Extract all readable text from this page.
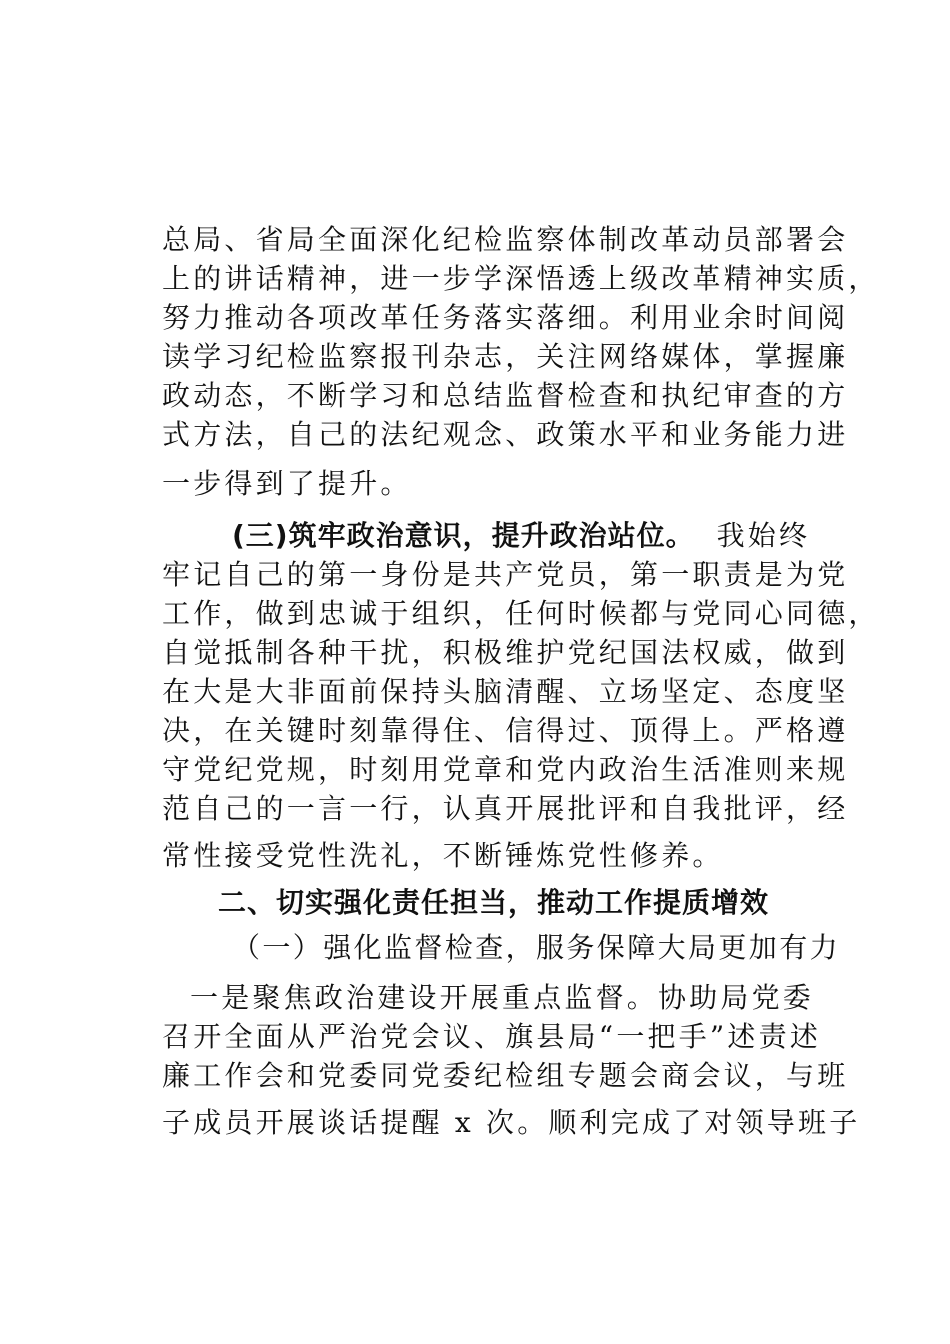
总局、省局全面深化纪检监察体制改革动员部署会
上的讲话精神，进一步学深悟透上级改革精神实质，
努力推动各项改革任务落实落细。利用业余时间阅
读学习纪检监察报刊杂志，关注网络媒体，掌握廉
政动态，不断学习和总结监督检查和执纪审查的方
式方法，自己的法纪观念、政策水平和业务能力进
一步得到了提升。
(三)筑牢政治意识，提升政治站位。 我始终
牢记自己的第一身份是共产党员，第一职责是为党
工作，做到忠诚于组织，任何时候都与党同心同德，
自觉抵制各种干扰，积极维护党纪国法权威，做到
在大是大非面前保持头脑清醒、立场坚定、态度坚
决，在关键时刻靠得住、信得过、顶得上。严格遵
守党纪党规，时刻用党章和党内政治生活准则来规
范自己的一言一行，认真开展批评和自我批评，经
常性接受党性洗礼，不断锤炼党性修养。
二、切实强化责任担当，推动工作提质增效
（一）强化监督检查，服务保障大局更加有力
一是聚焦政治建设开展重点监督。协助局党委
召开全面从严治党会议、旗县局“一把手”述责述
廉工作会和党委同党委纪检组专题会商会议，与班
子成员开展谈话提醒 x 次。顺利完成了对领导班子
